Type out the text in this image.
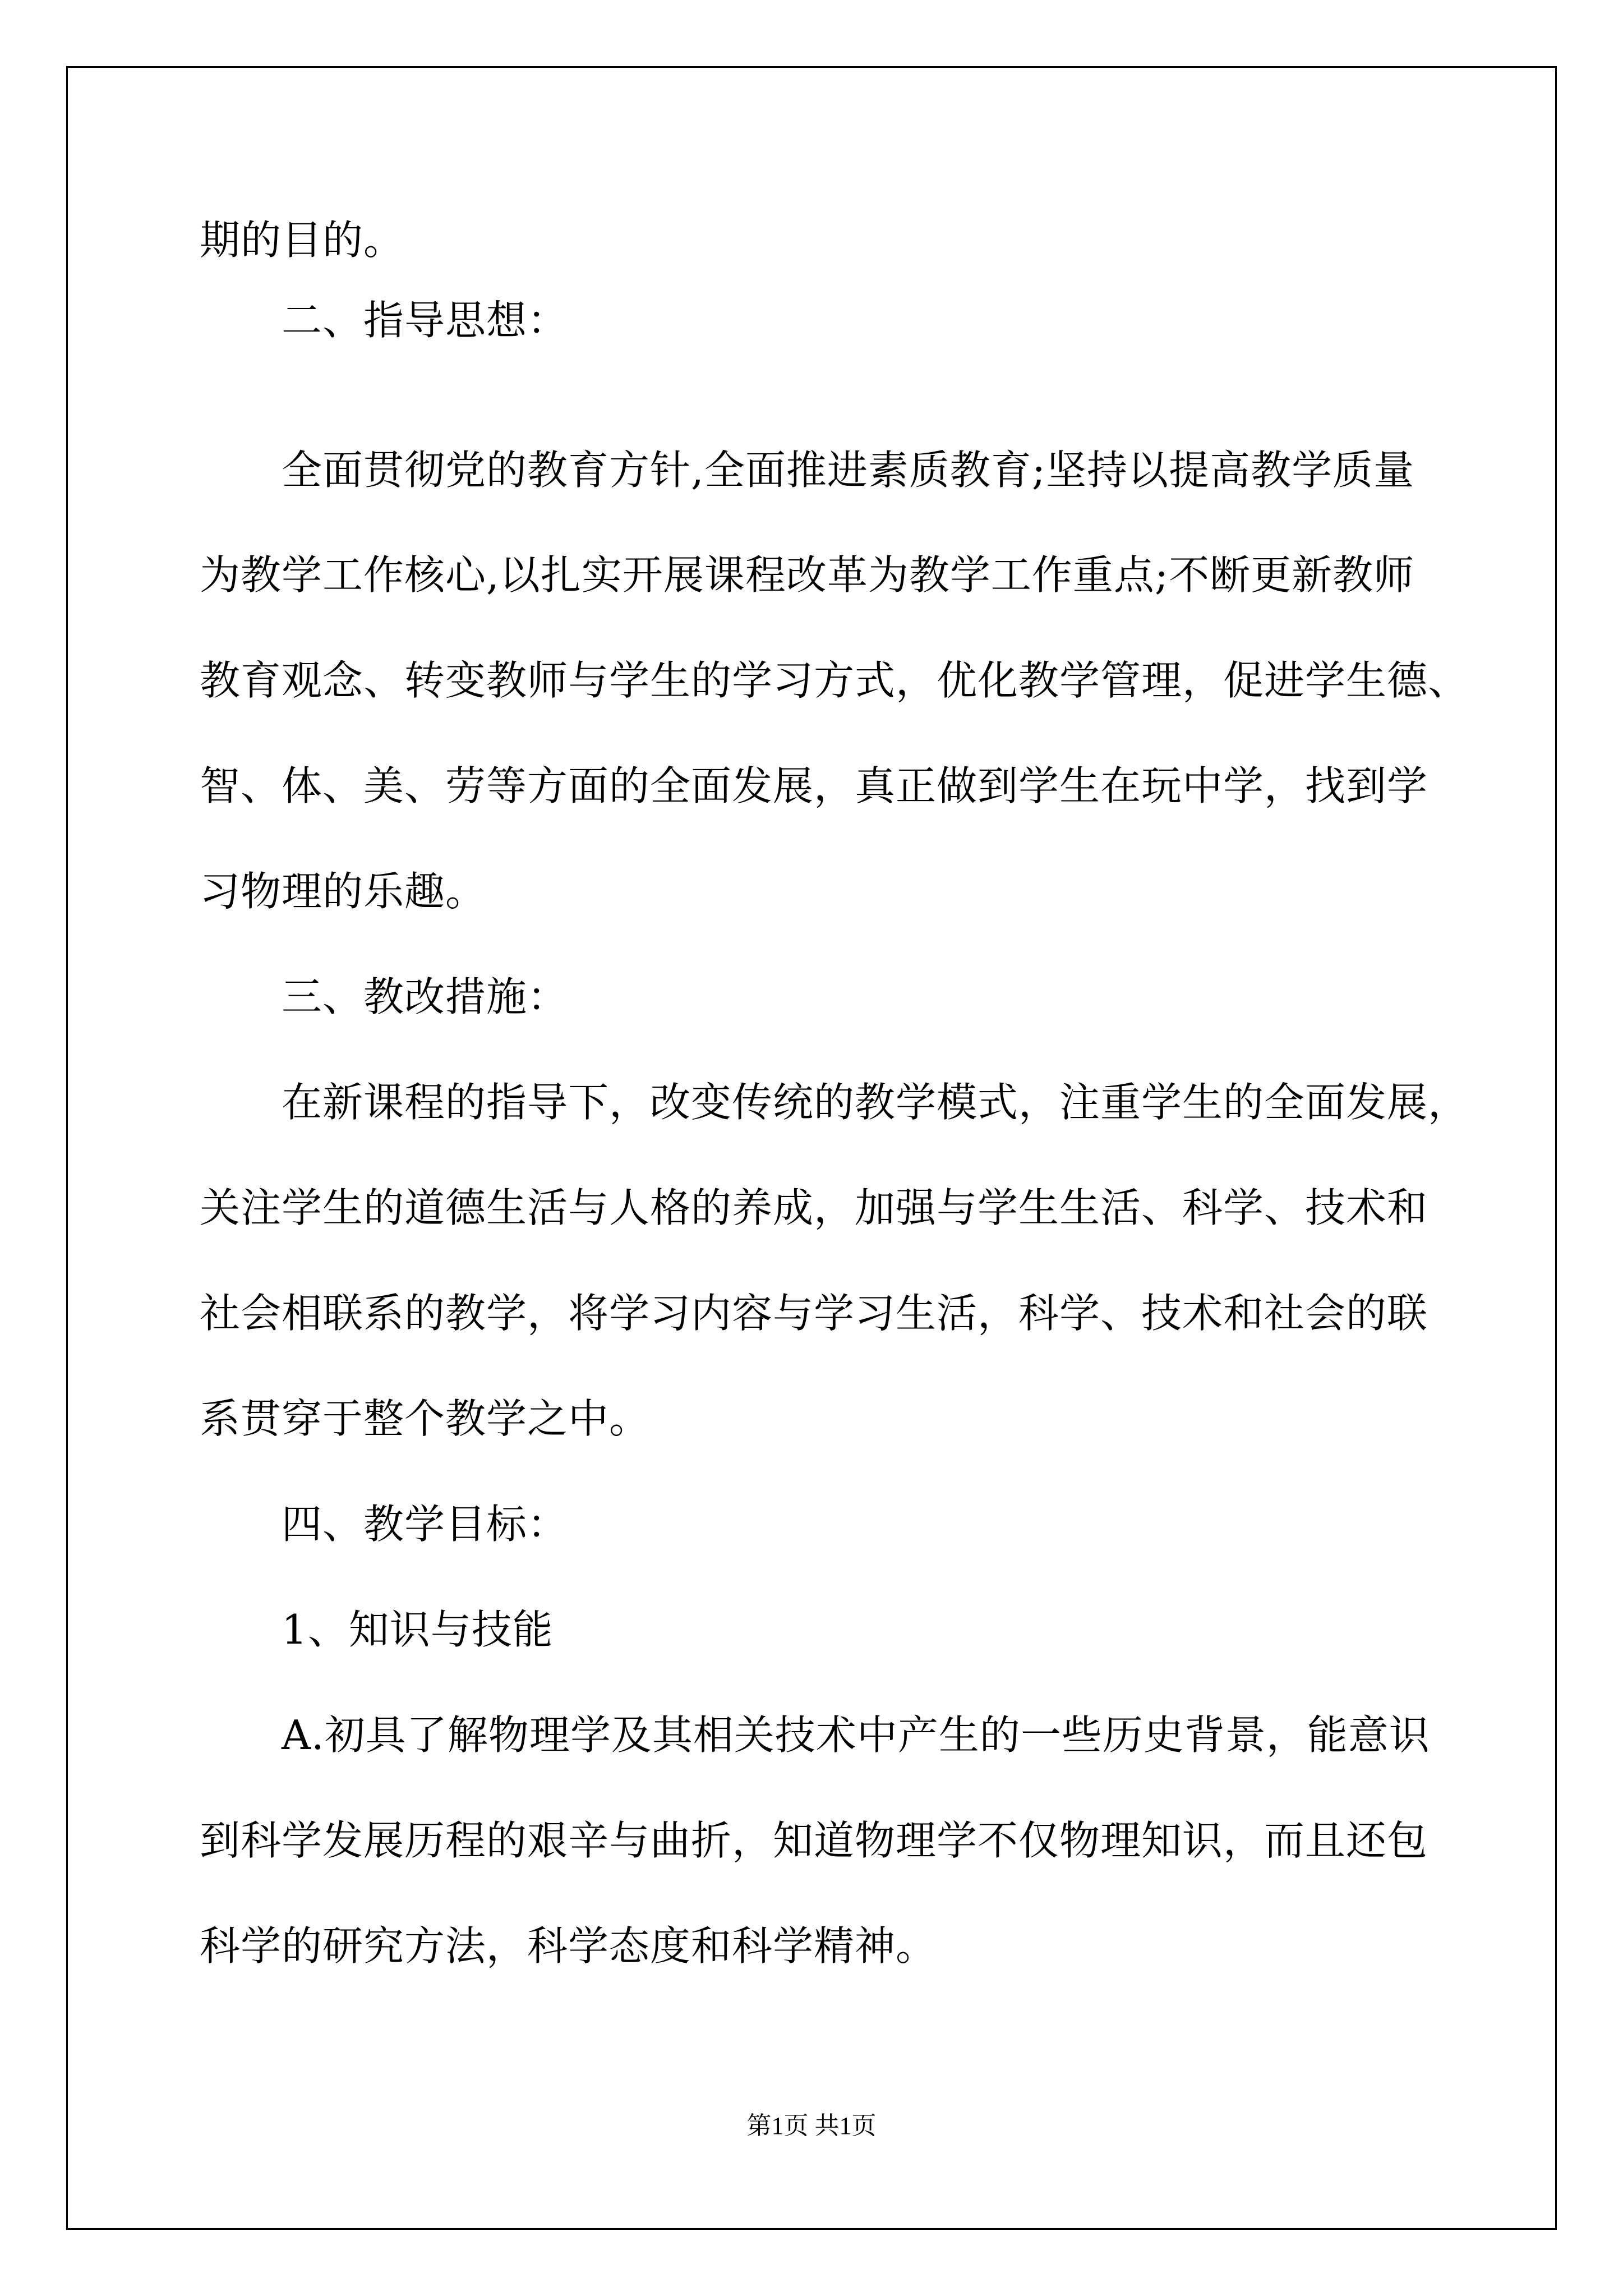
期的目的。
二、指导思想：
全面贯彻党的教育方针,全面推进素质教育;坚持以提高教学质量
为教学工作核心,以扎实开展课程改革为教学工作重点;不断更新教师
教育观念、转变教师与学生的学习方式，优化教学管理，促进学生德、
智、体、美、劳等方面的全面发展，真正做到学生在玩中学，找到学
习物理的乐趣。
三、教改措施：
在新课程的指导下，改变传统的教学模式，注重学生的全面发展，
关注学生的道德生活与人格的养成，加强与学生生活、科学、技术和
社会相联系的教学，将学习内容与学习生活，科学、技术和社会的联
系贯穿于整个教学之中。
四、教学目标：
1、知识与技能
A.初具了解物理学及其相关技术中产生的一些历史背景，能意识
到科学发展历程的艰辛与曲折，知道物理学不仅物理知识，而且还包
科学的研究方法，科学态度和科学精神。
第1页 共1页
